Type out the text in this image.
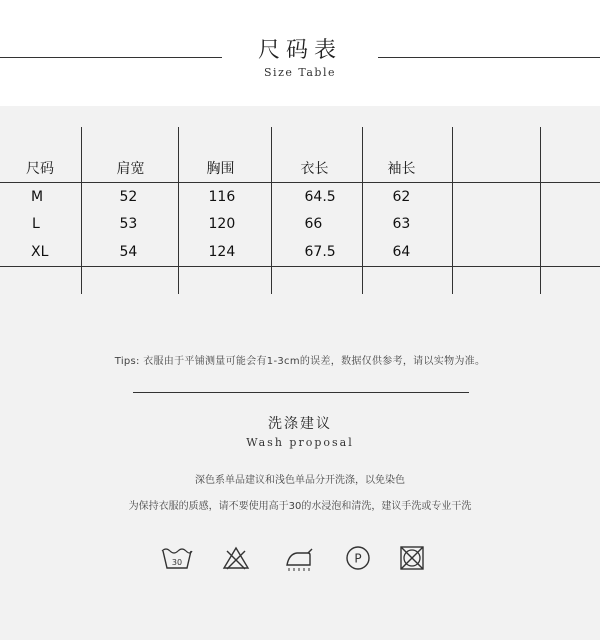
尺码表
Size Table

尺码	肩宽	胸围	衣长	袖长		

M	52	116	64.5	62		

L	53	120	66	63		

XL	54	124	67.5	64		

Tips: 衣服由于平铺测量可能会有1-3cm的误差，数据仅供参考，请以实物为准。
洗涤建议
Wash proposal
深色系单品建议和浅色单品分开洗涤，以免染色
为保持衣服的质感，请不要使用高于30的水浸泡和清洗，建议手洗或专业干洗
30	P
